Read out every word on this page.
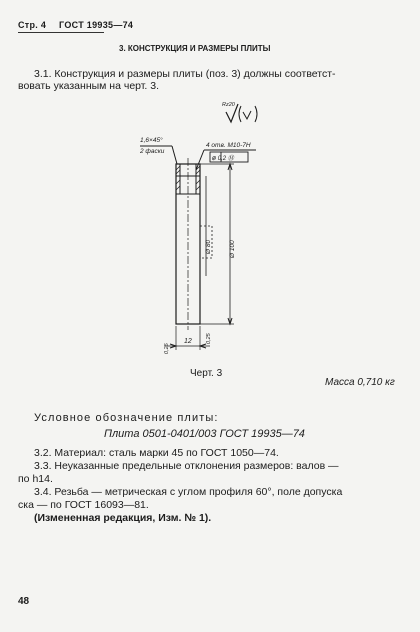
Стр. 4 ГОСТ 19935—74
3. КОНСТРУКЦИЯ И РАЗМЕРЫ ПЛИТЫ
3.1. Конструкция и размеры плиты (поз. 3) должны соответст-
вовать указанным на черт. 3.
1,6×45°
2 фаски
Rz20
4 отв. М10-7Н
⊕ 0,2 Ⓜ
Ø 80	Ø 100
12
0,25
0,25
Черт. 3
Масса 0,710 кг
Условное обозначение плиты:
Плита 0501-0401/003 ГОСТ 19935—74
3.2. Материал: сталь марки 45 по ГОСТ 1050—74.
3.3. Неуказанные предельные отклонения размеров: валов —
по h14.
3.4. Резьба — метрическая с углом профиля 60°, поле допуска
ска — по ГОСТ 16093—81.
(Измененная редакция, Изм. № 1).
48
